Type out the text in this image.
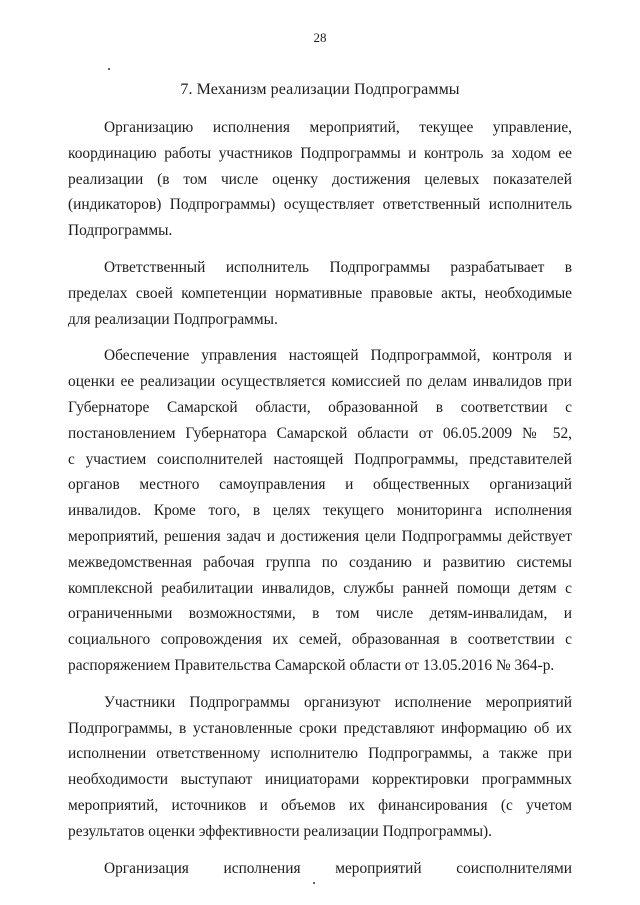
28
7. Механизм реализации Подпрограммы
Организацию исполнения мероприятий, текущее управление,
координацию работы участников Подпрограммы и контроль за ходом ее
реализации (в том числе оценку достижения целевых показателей
(индикаторов) Подпрограммы) осуществляет ответственный исполнитель
Подпрограммы.
Ответственный исполнитель Подпрограммы разрабатывает в
пределах своей компетенции нормативные правовые акты, необходимые
для реализации Подпрограммы.
Обеспечение управления настоящей Подпрограммой, контроля и
оценки ее реализации осуществляется комиссией по делам инвалидов при
Губернаторе Самарской области, образованной в соответствии с
постановлением Губернатора Самарской области от 06.05.2009 № 52,
с участием соисполнителей настоящей Подпрограммы, представителей
органов местного самоуправления и общественных организаций
инвалидов. Кроме того, в целях текущего мониторинга исполнения
мероприятий, решения задач и достижения цели Подпрограммы действует
межведомственная рабочая группа по созданию и развитию системы
комплексной реабилитации инвалидов, службы ранней помощи детям с
ограниченными возможностями, в том числе детям-инвалидам, и
социального сопровождения их семей, образованная в соответствии с
распоряжением Правительства Самарской области от 13.05.2016 № 364-р.
Участники Подпрограммы организуют исполнение мероприятий
Подпрограммы, в установленные сроки представляют информацию об их
исполнении ответственному исполнителю Подпрограммы, а также при
необходимости выступают инициаторами корректировки программных
мероприятий, источников и объемов их финансирования (с учетом
результатов оценки эффективности реализации Подпрограммы).
Организация исполнения мероприятий соисполнителями
